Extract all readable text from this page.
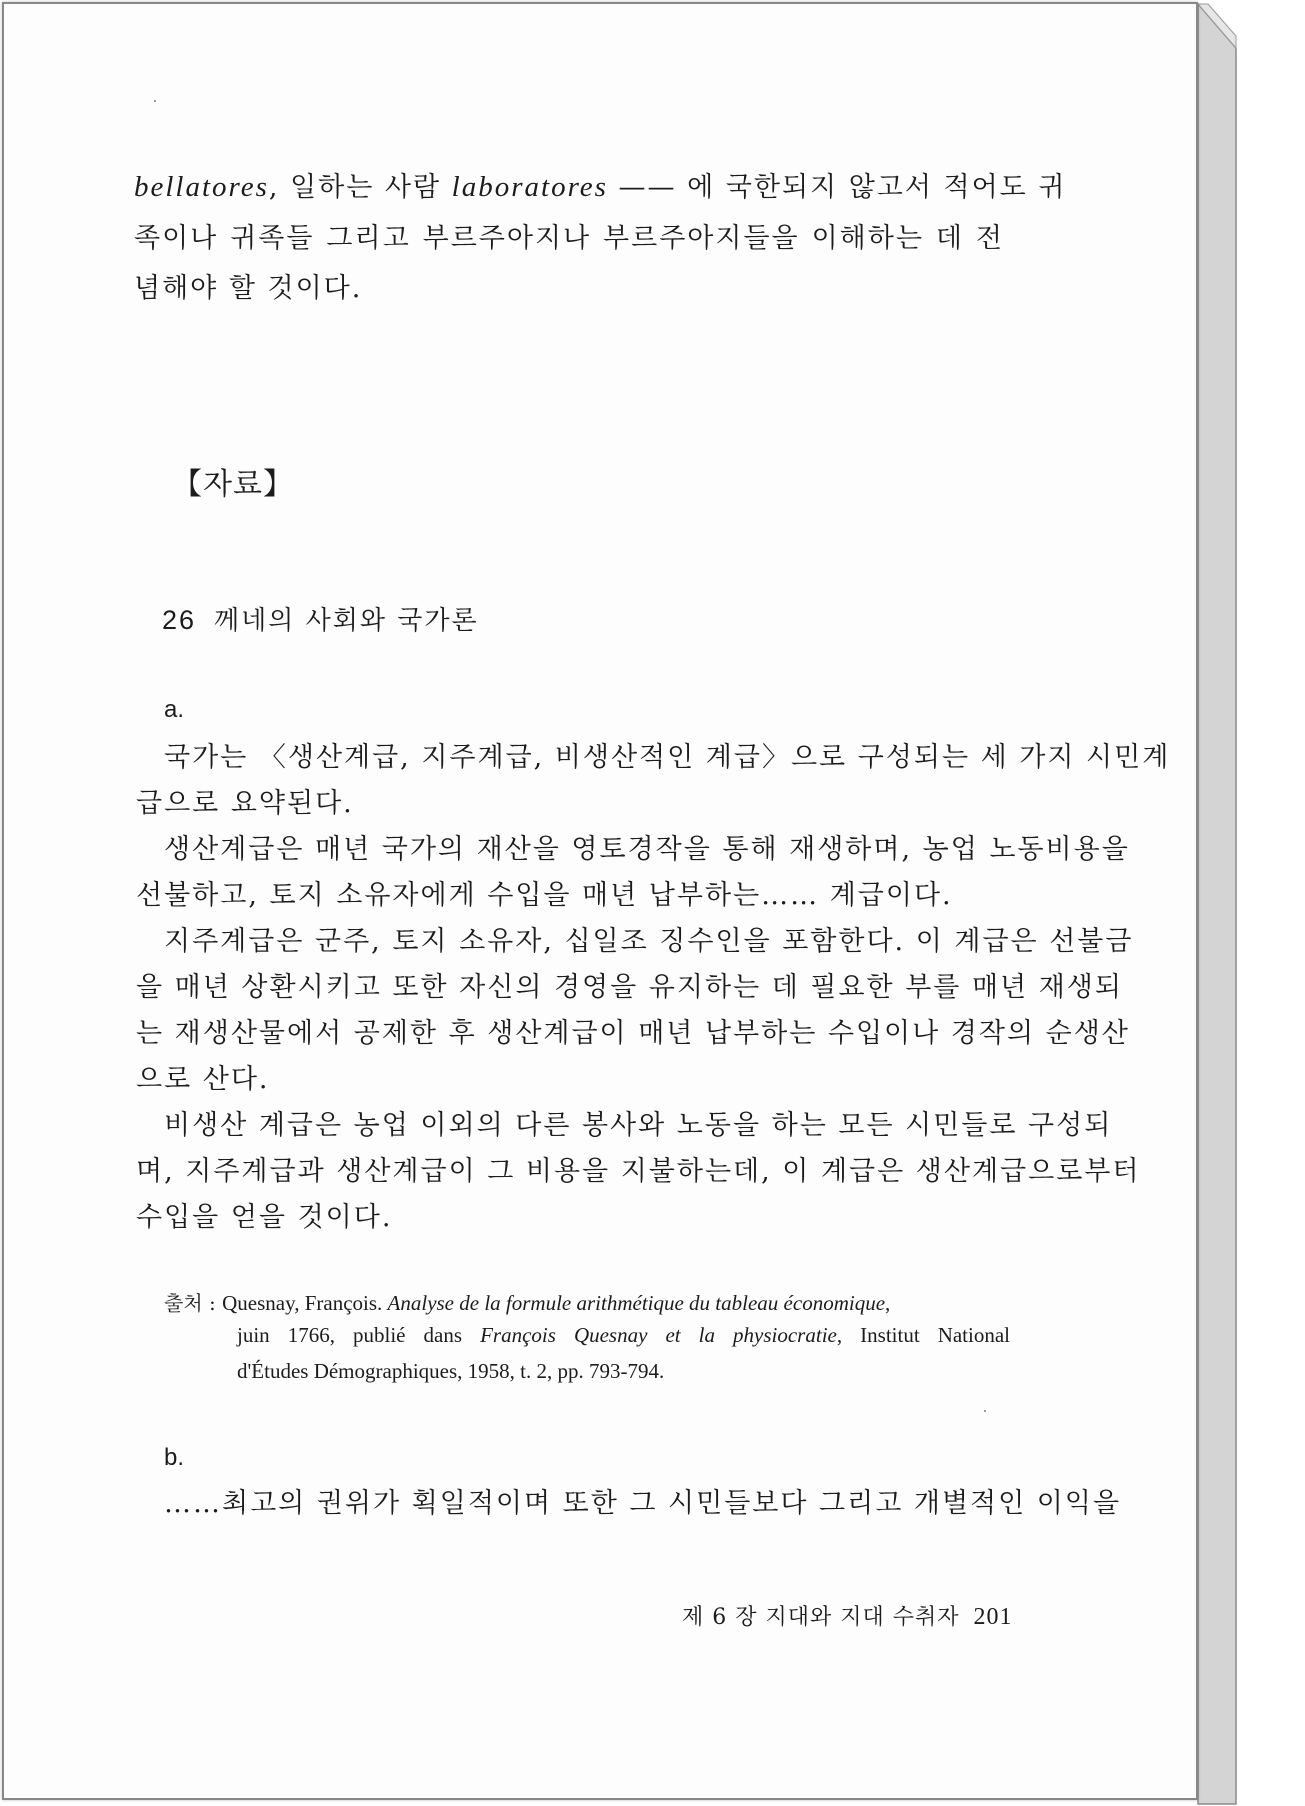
bellatores, 일하는 사람 laboratores —— 에 국한되지 않고서 적어도 귀
족이나 귀족들 그리고 부르주아지나 부르주아지들을 이해하는 데 전
념해야 할 것이다.
【자료】
26 께네의 사회와 국가론
a.
국가는 〈생산계급, 지주계급, 비생산적인 계급〉으로 구성되는 세 가지 시민계
급으로 요약된다.
생산계급은 매년 국가의 재산을 영토경작을 통해 재생하며, 농업 노동비용을
선불하고, 토지 소유자에게 수입을 매년 납부하는…… 계급이다.
지주계급은 군주, 토지 소유자, 십일조 징수인을 포함한다. 이 계급은 선불금
을 매년 상환시키고 또한 자신의 경영을 유지하는 데 필요한 부를 매년 재생되
는 재생산물에서 공제한 후 생산계급이 매년 납부하는 수입이나 경작의 순생산
으로 산다.
비생산 계급은 농업 이외의 다른 봉사와 노동을 하는 모든 시민들로 구성되
며, 지주계급과 생산계급이 그 비용을 지불하는데, 이 계급은 생산계급으로부터
수입을 얻을 것이다.
출처 : Quesnay, François. Analyse de la formule arithmétique du tableau économique,
juin 1766, publié dans François Quesnay et la physiocratie, Institut National
d'Études Démographiques, 1958, t. 2, pp. 793-794.
b.
……최고의 권위가 획일적이며 또한 그 시민들보다 그리고 개별적인 이익을
제 6 장 지대와 지대 수취자 201
